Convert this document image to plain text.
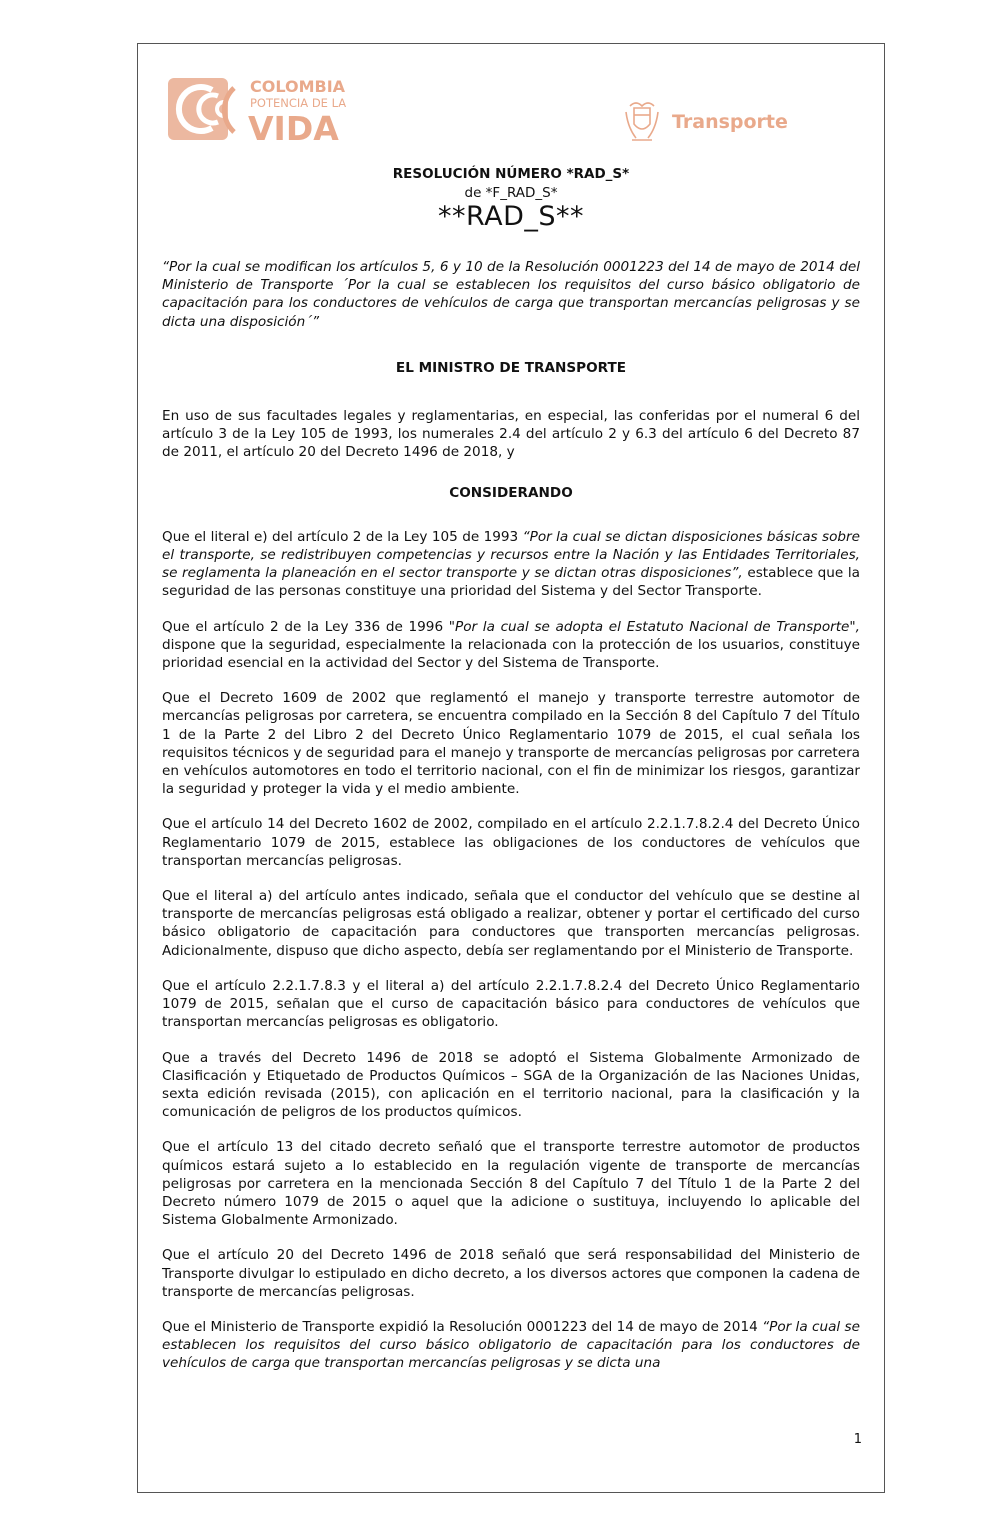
COLOMBIA
POTENCIA DE LA
VIDA	Transporte
RESOLUCIÓN NÚMERO *RAD_S*
de *F_RAD_S*
**RAD_S**

“Por la cual se modifican los artículos 5, 6 y 10 de la Resolución 0001223 del 14 de mayo de 2014 del Ministerio de Transporte ´Por la cual se establecen los requisitos del curso básico obligatorio de capacitación para los conductores de vehículos de carga que transportan mercancías peligrosas y se dicta una disposición´”

EL MINISTRO DE TRANSPORTE

En uso de sus facultades legales y reglamentarias, en especial, las conferidas por el numeral 6 del artículo 3 de la Ley 105 de 1993, los numerales 2.4 del artículo 2 y 6.3 del artículo 6 del Decreto 87 de 2011, el artículo 20 del Decreto 1496 de 2018, y

CONSIDERANDO

Que el literal e) del artículo 2 de la Ley 105 de 1993 “Por la cual se dictan disposiciones básicas sobre el transporte, se redistribuyen competencias y recursos entre la Nación y las Entidades Territoriales, se reglamenta la planeación en el sector transporte y se dictan otras disposiciones”, establece que la seguridad de las personas constituye una prioridad del Sistema y del Sector Transporte.

Que el artículo 2 de la Ley 336 de 1996 "Por la cual se adopta el Estatuto Nacional de Transporte", dispone que la seguridad, especialmente la relacionada con la protección de los usuarios, constituye prioridad esencial en la actividad del Sector y del Sistema de Transporte.

Que el Decreto 1609 de 2002 que reglamentó el manejo y transporte terrestre automotor de mercancías peligrosas por carretera, se encuentra compilado en la Sección 8 del Capítulo 7 del Título 1 de la Parte 2 del Libro 2 del Decreto Único Reglamentario 1079 de 2015, el cual señala los requisitos técnicos y de seguridad para el manejo y transporte de mercancías peligrosas por carretera en vehículos automotores en todo el territorio nacional, con el fin de minimizar los riesgos, garantizar la seguridad y proteger la vida y el medio ambiente.

Que el artículo 14 del Decreto 1602 de 2002, compilado en el artículo 2.2.1.7.8.2.4 del Decreto Único Reglamentario 1079 de 2015, establece las obligaciones de los conductores de vehículos que transportan mercancías peligrosas.

Que el literal a) del artículo antes indicado, señala que el conductor del vehículo que se destine al transporte de mercancías peligrosas está obligado a realizar, obtener y portar el certificado del curso básico obligatorio de capacitación para conductores que transporten mercancías peligrosas. Adicionalmente, dispuso que dicho aspecto, debía ser reglamentando por el Ministerio de Transporte.

Que el artículo 2.2.1.7.8.3 y el literal a) del artículo 2.2.1.7.8.2.4 del Decreto Único Reglamentario 1079 de 2015, señalan que el curso de capacitación básico para conductores de vehículos que transportan mercancías peligrosas es obligatorio.

Que a través del Decreto 1496 de 2018 se adoptó el Sistema Globalmente Armonizado de Clasificación y Etiquetado de Productos Químicos – SGA de la Organización de las Naciones Unidas, sexta edición revisada (2015), con aplicación en el territorio nacional, para la clasificación y la comunicación de peligros de los productos químicos.

Que el artículo 13 del citado decreto señaló que el transporte terrestre automotor de productos químicos estará sujeto a lo establecido en la regulación vigente de transporte de mercancías peligrosas por carretera en la mencionada Sección 8 del Capítulo 7 del Título 1 de la Parte 2 del Decreto número 1079 de 2015 o aquel que la adicione o sustituya, incluyendo lo aplicable del Sistema Globalmente Armonizado.

Que el artículo 20 del Decreto 1496 de 2018 señaló que será responsabilidad del Ministerio de Transporte divulgar lo estipulado en dicho decreto, a los diversos actores que componen la cadena de transporte de mercancías peligrosas.

Que el Ministerio de Transporte expidió la Resolución 0001223 del 14 de mayo de 2014 “Por la cual se establecen los requisitos del curso básico obligatorio de capacitación para los conductores de vehículos de carga que transportan mercancías peligrosas y se dicta una

1
